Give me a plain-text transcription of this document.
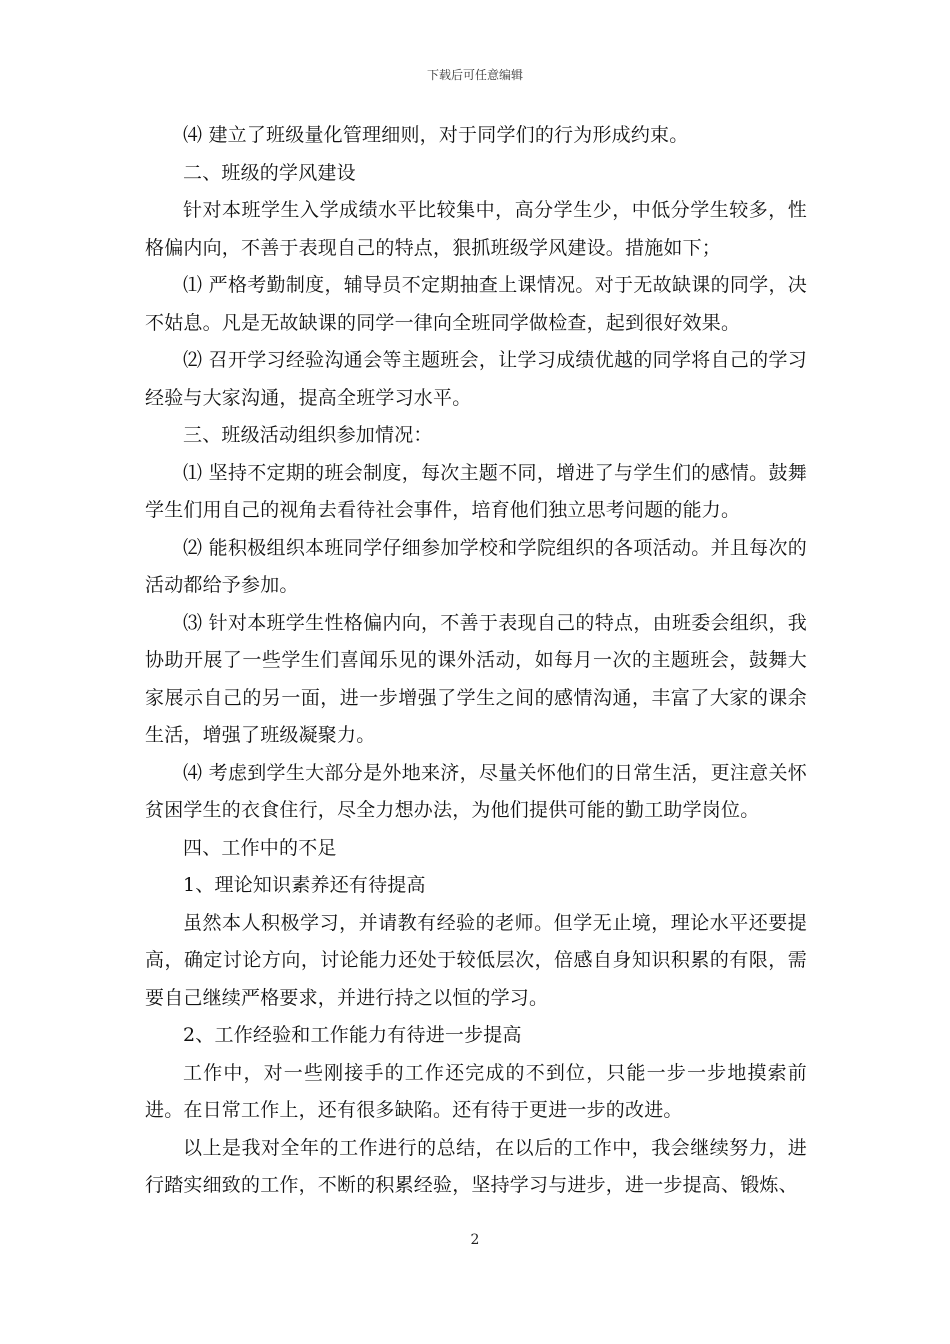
下载后可任意编辑

⑷ 建立了班级量化管理细则，对于同学们的行为形成约束。

二、班级的学风建设

针对本班学生入学成绩水平比较集中，高分学生少，中低分学生较多，性格偏内向，不善于表现自己的特点，狠抓班级学风建设。措施如下；

⑴ 严格考勤制度，辅导员不定期抽查上课情况。对于无故缺课的同学，决不姑息。凡是无故缺课的同学一律向全班同学做检查，起到很好效果。

⑵ 召开学习经验沟通会等主题班会，让学习成绩优越的同学将自己的学习经验与大家沟通，提高全班学习水平。

三、班级活动组织参加情况：

⑴ 坚持不定期的班会制度，每次主题不同，增进了与学生们的感情。鼓舞学生们用自己的视角去看待社会事件，培育他们独立思考问题的能力。

⑵ 能积极组织本班同学仔细参加学校和学院组织的各项活动。并且每次的活动都给予参加。

⑶ 针对本班学生性格偏内向，不善于表现自己的特点，由班委会组织，我协助开展了一些学生们喜闻乐见的课外活动，如每月一次的主题班会，鼓舞大家展示自己的另一面，进一步增强了学生之间的感情沟通，丰富了大家的课余生活，增强了班级凝聚力。

⑷ 考虑到学生大部分是外地来济，尽量关怀他们的日常生活，更注意关怀贫困学生的衣食住行，尽全力想办法，为他们提供可能的勤工助学岗位。

四、工作中的不足

1、理论知识素养还有待提高

虽然本人积极学习，并请教有经验的老师。但学无止境，理论水平还要提高，确定讨论方向，讨论能力还处于较低层次，倍感自身知识积累的有限，需要自己继续严格要求，并进行持之以恒的学习。

2、工作经验和工作能力有待进一步提高

工作中，对一些刚接手的工作还完成的不到位，只能一步一步地摸索前进。在日常工作上，还有很多缺陷。还有待于更进一步的改进。

以上是我对全年的工作进行的总结，在以后的工作中，我会继续努力，进行踏实细致的工作，不断的积累经验，坚持学习与进步，进一步提高、锻炼、

2
